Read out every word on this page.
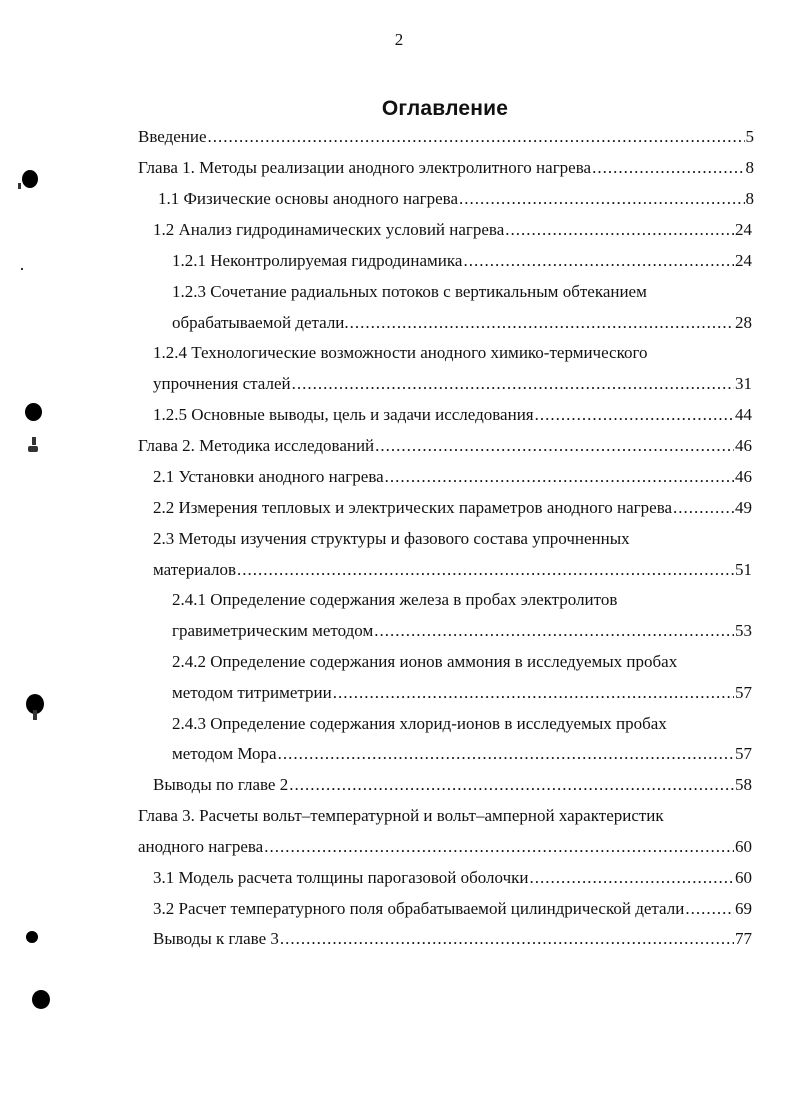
2
Оглавление
Введение .....	5
Глава 1. Методы реализации анодного электролитного нагрева .....	8
1.1 Физические основы анодного нагрева .....	8
1.2 Анализ гидродинамических условий нагрева .....	24
1.2.1 Неконтролируемая гидродинамика .....	24
1.2.3 Сочетание радиальных потоков с вертикальным обтеканием
обрабатываемой детали. .....	28
1.2.4 Технологические возможности анодного химико-термического
упрочнения сталей .....	31
1.2.5 Основные выводы, цель и задачи исследования .....	44
Глава 2. Методика исследований .....	46
2.1 Установки анодного нагрева .....	46
2.2 Измерения тепловых и электрических параметров анодного нагрева .....	49
2.3 Методы изучения структуры и фазового состава упрочненных
материалов .....	51
2.4.1 Определение содержания железа в пробах электролитов
гравиметрическим методом .....	53
2.4.2 Определение содержания ионов аммония в исследуемых пробах
методом титриметрии .....	57
2.4.3 Определение содержания хлорид-ионов в исследуемых пробах
методом Мора .....	57
Выводы по главе 2 .....	58
Глава 3. Расчеты вольт–температурной и вольт–амперной характеристик
анодного нагрева .....	60
3.1 Модель расчета толщины парогазовой оболочки .....	60
3.2 Расчет температурного поля обрабатываемой цилиндрической детали .....	69
Выводы к главе 3 .....	77
